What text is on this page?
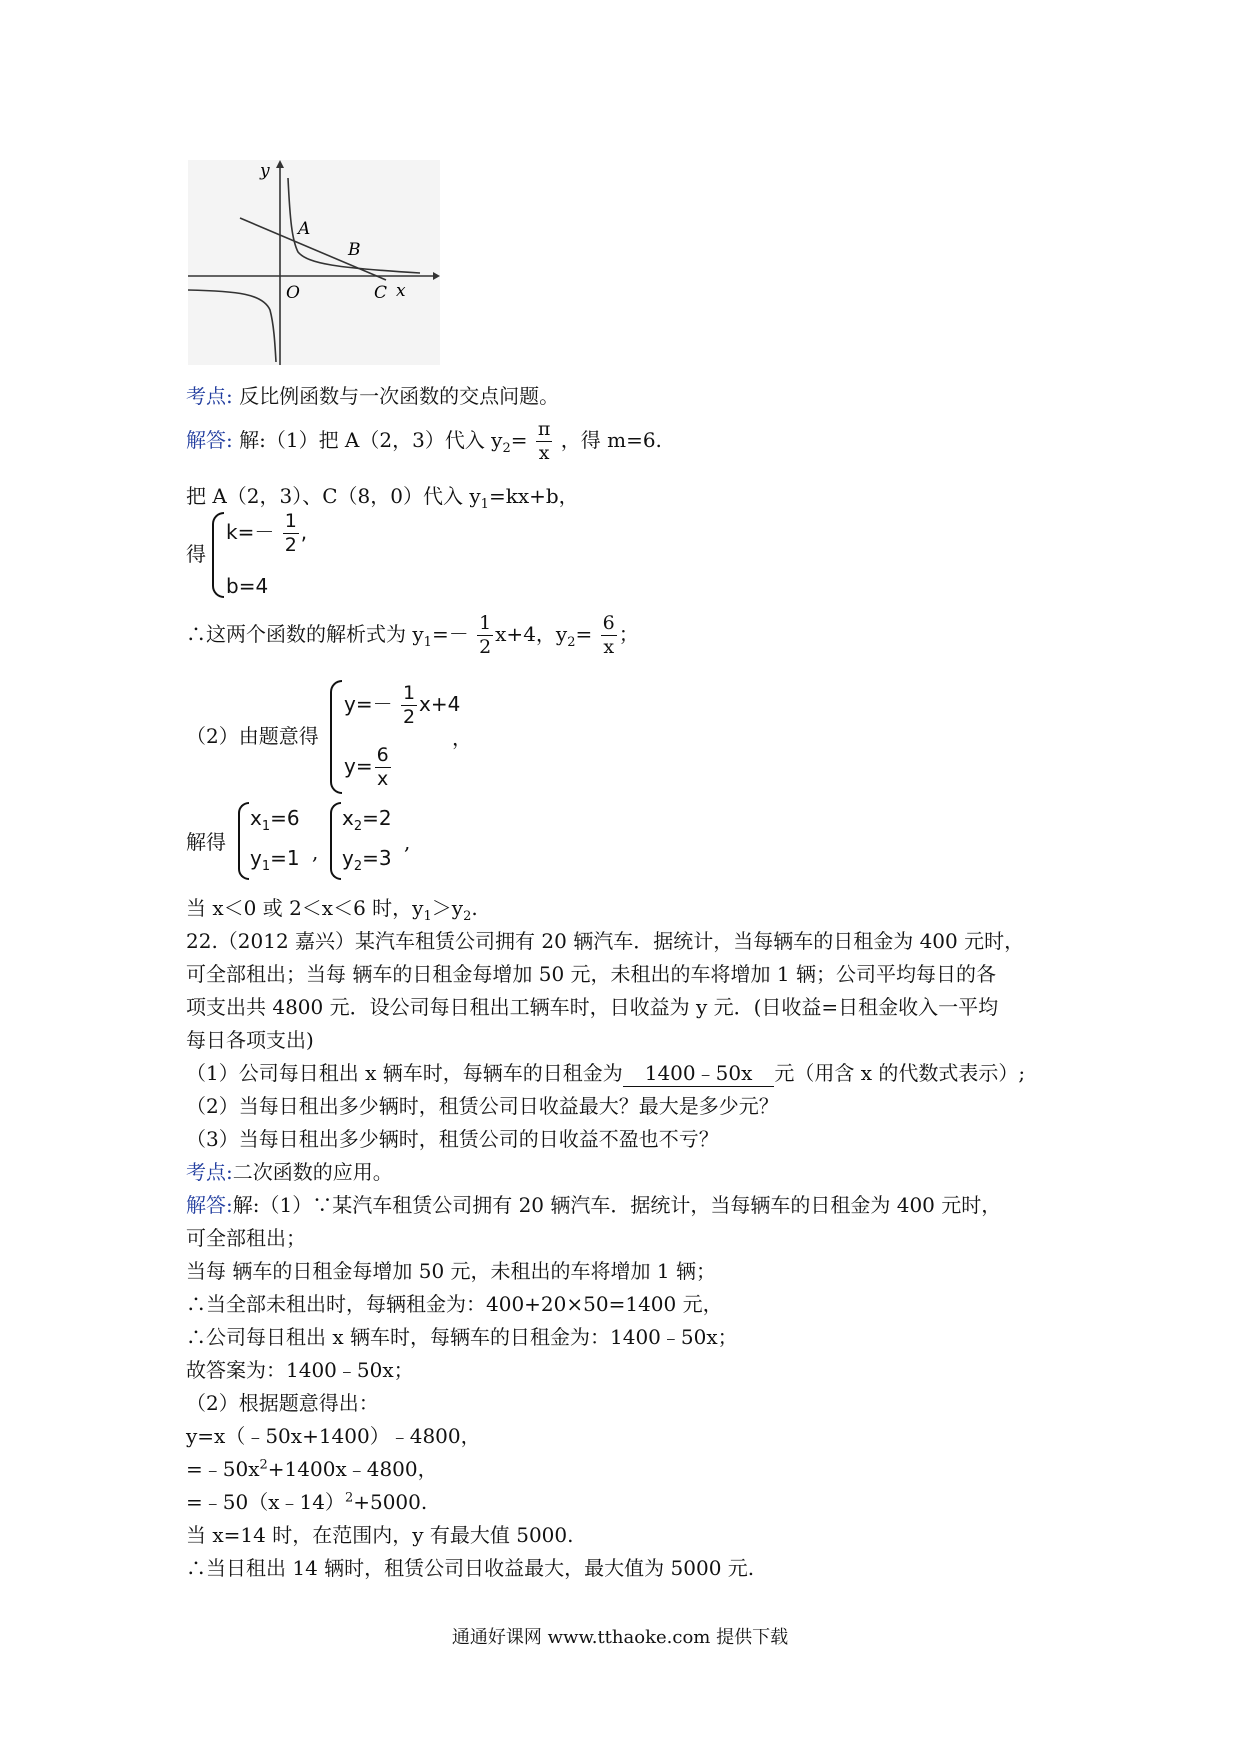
y
x
A
B
O	C
考点: 反比例函数与一次函数的交点问题。
解答: 解:（1）把 A（2，3）代入 $y_2= \frac{\pi}{x}$ ，得 m=6.
把 A（2，3）、C（8，0）代入 $y_1=kx+b$，
得
$k=- \frac{1}{2}$ ,
b=4
∴这两个函数的解析式为 $y_1=- \frac{1}{2} x+4$，$y_2= \frac{6}{x}$ ；
（2）由题意得
$y=- \frac{1}{2} x+4$
$y= \frac{6}{x}$
，
解得
$x_1=6$
$y_1=1$ ,
$x_2=2$
$y_2=3$
,
当 x＜0 或 2＜x＜6 时，$y_1>y_2$.
22.（2012 嘉兴）某汽车租赁公司拥有 20 辆汽车．据统计，当每辆车的日租金为 400 元时，
可全部租出；当每 辆车的日租金每增加 50 元，未租出的车将增加 1 辆；公司平均每日的各
项支出共 4800 元．设公司每日租出工辆车时，日收益为 y 元．(日收益=日租金收入一平均
每日各项支出)
（1）公司每日租出 x 辆车时，每辆车的日租金为 1400﹣50x 元（用含 x 的代数式表示）;
（2）当每日租出多少辆时，租赁公司日收益最大？最大是多少元？
（3）当每日租出多少辆时，租赁公司的日收益不盈也不亏？
考点:二次函数的应用。
解答:解:（1）∵某汽车租赁公司拥有 20 辆汽车．据统计，当每辆车的日租金为 400 元时，
可全部租出；
当每 辆车的日租金每增加 50 元，未租出的车将增加 1 辆；
∴当全部未租出时，每辆租金为：400+20×50=1400 元，
∴公司每日租出 x 辆车时，每辆车的日租金为：1400﹣50x；
故答案为：1400﹣50x；
（2）根据题意得出：
y=x（﹣50x+1400）﹣4800，
$=﹣50x^2+1400x﹣4800$，
=﹣50（x﹣14）$^2$+5000.
当 x=14 时，在范围内，y 有最大值 5000.
∴当日租出 14 辆时，租赁公司日收益最大，最大值为 5000 元.
通通好课网 www.tthaoke.com 提供下载
